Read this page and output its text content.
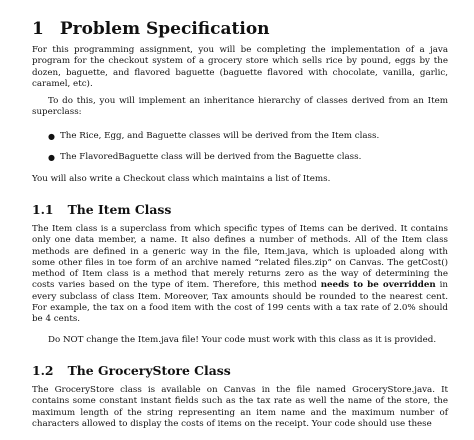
1 Problem Specification

For this programming assignment, you will be completing the implementation of a java program for the checkout system of a grocery store which sells rice by pound, eggs by the dozen, baguette, and flavored baguette (baguette flavored with chocolate, vanilla, garlic, caramel, etc).

To do this, you will implement an inheritance hierarchy of classes derived from an Item superclass:

● The Rice, Egg, and Baguette classes will be derived from the Item class.
● The FlavoredBaguette class will be derived from the Baguette class.

You will also write a Checkout class which maintains a list of Items.

1.1 The Item Class

The Item class is a superclass from which specific types of Items can be derived. It contains only one data member, a name. It also defines a number of methods. All of the Item class methods are defined in a generic way in the file, Item.java, which is uploaded along with some other files in toe form of an archive named “related files.zip” on Canvas. The getCost() method of Item class is a method that merely returns zero as the way of determining the costs varies based on the type of item. Therefore, this method needs to be overridden in every subclass of class Item. Moreover, Tax amounts should be rounded to the nearest cent. For example, the tax on a food item with the cost of 199 cents with a tax rate of 2.0% should be 4 cents.

Do NOT change the Item.java file! Your code must work with this class as it is provided.

1.2 The GroceryStore Class

The GroceryStore class is available on Canvas in the file named GroceryStore.java. It contains some constant instant fields such as the tax rate as well the name of the store, the maximum length of the string representing an item name and the maximum number of characters allowed to display the costs of items on the receipt. Your code should use these
